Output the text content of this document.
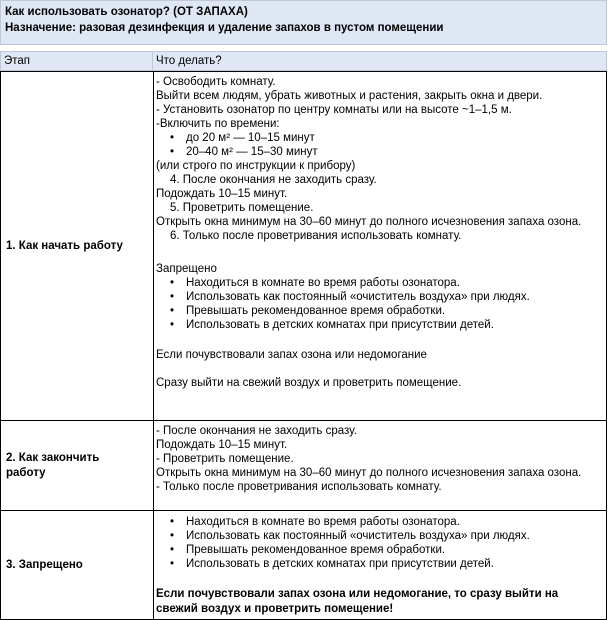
Как использовать озонатор? (ОТ ЗАПАХА)
Назначение: разовая дезинфекция и удаление запахов в пустом помещении
Этап	Что делать?
1. Как начать работу
- Освободить комнату.
Выйти всем людям, убрать животных и растения, закрыть окна и двери.
- Установить озонатор по центру комнаты или на высоте ~1–1,5 м.
-Включить по времени:
• до 20 м² — 10–15 минут
• 20–40 м² — 15–30 минут
(или строго по инструкции к прибору)
4. После окончания не заходить сразу.
Подождать 10–15 минут.
5. Проветрить помещение.
Открыть окна минимум на 30–60 минут до полного исчезновения запаха озона.
6. Только после проветривания использовать комнату.
Запрещено
• Находиться в комнате во время работы озонатора.
• Использовать как постоянный «очиститель воздуха» при людях.
• Превышать рекомендованное время обработки.
• Использовать в детских комнатах при присутствии детей.
Если почувствовали запах озона или недомогание
Сразу выйти на свежий воздух и проветрить помещение.
2. Как закончить работу
- После окончания не заходить сразу.
Подождать 10–15 минут.
- Проветрить помещение.
Открыть окна минимум на 30–60 минут до полного исчезновения запаха озона.
- Только после проветривания использовать комнату.
3. Запрещено
• Находиться в комнате во время работы озонатора.
• Использовать как постоянный «очиститель воздуха» при людях.
• Превышать рекомендованное время обработки.
• Использовать в детских комнатах при присутствии детей.
Если почувствовали запах озона или недомогание, то сразу выйти на
свежий воздух и проветрить помещение!
